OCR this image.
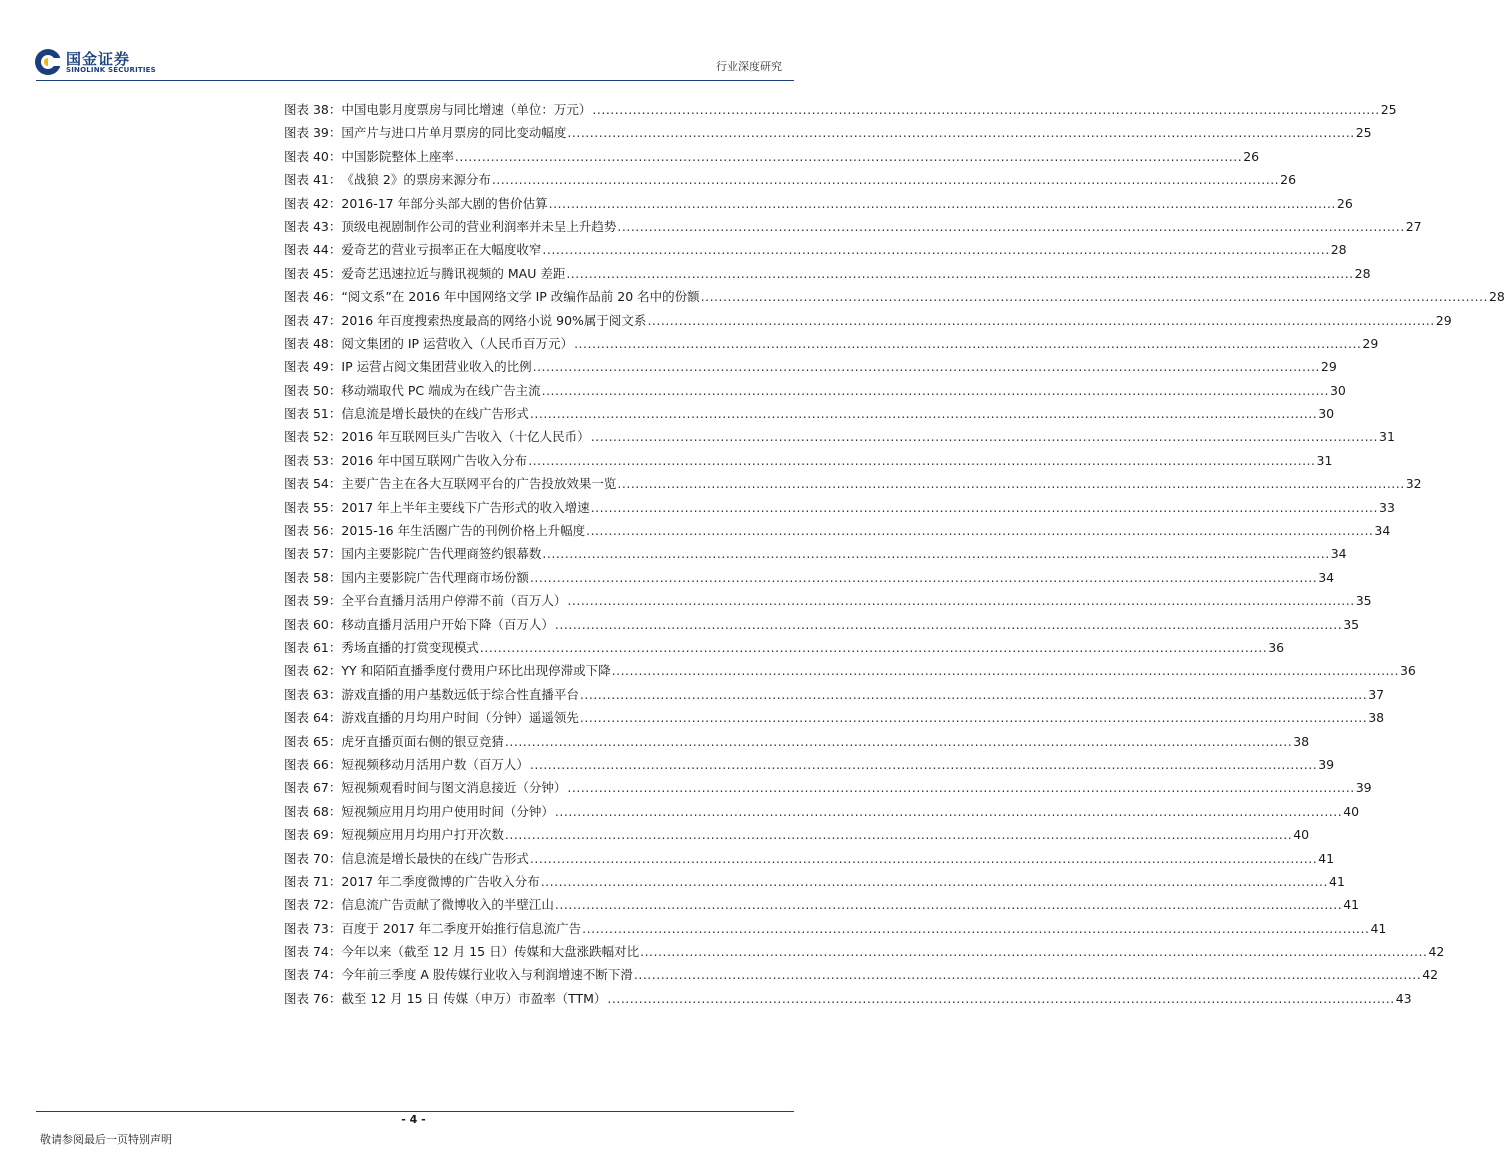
国金证券
SINOLINK SECURITIES	行业深度研究
图表 38： 中国电影月度票房与同比增速（单位：万元） .....	25
图表 39： 国产片与进口片单月票房的同比变动幅度 .....	25
图表 40： 中国影院整体上座率 .....	26
图表 41： 《战狼 2》的票房来源分布 .....	26
图表 42： 2016-17 年部分头部大剧的售价估算 .....	26
图表 43： 顶级电视剧制作公司的营业利润率并未呈上升趋势 .....	27
图表 44： 爱奇艺的营业亏损率正在大幅度收窄 .....	28
图表 45： 爱奇艺迅速拉近与腾讯视频的 MAU 差距 .....	28
图表 46： “阅文系”在 2016 年中国网络文学 IP 改编作品前 20 名中的份额 .....	28
图表 47： 2016 年百度搜索热度最高的网络小说 90%属于阅文系 .....	29
图表 48： 阅文集团的 IP 运营收入（人民币百万元） .....	29
图表 49： IP 运营占阅文集团营业收入的比例 .....	29
图表 50： 移动端取代 PC 端成为在线广告主流 .....	30
图表 51： 信息流是增长最快的在线广告形式 .....	30
图表 52： 2016 年互联网巨头广告收入（十亿人民币） .....	31
图表 53： 2016 年中国互联网广告收入分布 .....	31
图表 54： 主要广告主在各大互联网平台的广告投放效果一览 .....	32
图表 55： 2017 年上半年主要线下广告形式的收入增速 .....	33
图表 56： 2015-16 年生活圈广告的刊例价格上升幅度 .....	34
图表 57： 国内主要影院广告代理商签约银幕数 .....	34
图表 58： 国内主要影院广告代理商市场份额 .....	34
图表 59： 全平台直播月活用户停滞不前（百万人） .....	35
图表 60： 移动直播月活用户开始下降（百万人） .....	35
图表 61： 秀场直播的打赏变现模式 .....	36
图表 62： YY 和陌陌直播季度付费用户环比出现停滞或下降 .....	36
图表 63： 游戏直播的用户基数远低于综合性直播平台 .....	37
图表 64： 游戏直播的月均用户时间（分钟）遥遥领先 .....	38
图表 65： 虎牙直播页面右侧的银豆竞猜 .....	38
图表 66： 短视频移动月活用户数（百万人） .....	39
图表 67： 短视频观看时间与图文消息接近（分钟） .....	39
图表 68： 短视频应用月均用户使用时间（分钟） .....	40
图表 69： 短视频应用月均用户打开次数 .....	40
图表 70： 信息流是增长最快的在线广告形式 .....	41
图表 71： 2017 年二季度微博的广告收入分布 .....	41
图表 72： 信息流广告贡献了微博收入的半壁江山 .....	41
图表 73： 百度于 2017 年二季度开始推行信息流广告 .....	41
图表 74： 今年以来（截至 12 月 15 日）传媒和大盘涨跌幅对比 .....	42
图表 74： 今年前三季度 A 股传媒行业收入与利润增速不断下滑 .....	42
图表 76： 截至 12 月 15 日 传媒（申万）市盈率（TTM） .....	43
- 4 -
敬请参阅最后一页特别声明
